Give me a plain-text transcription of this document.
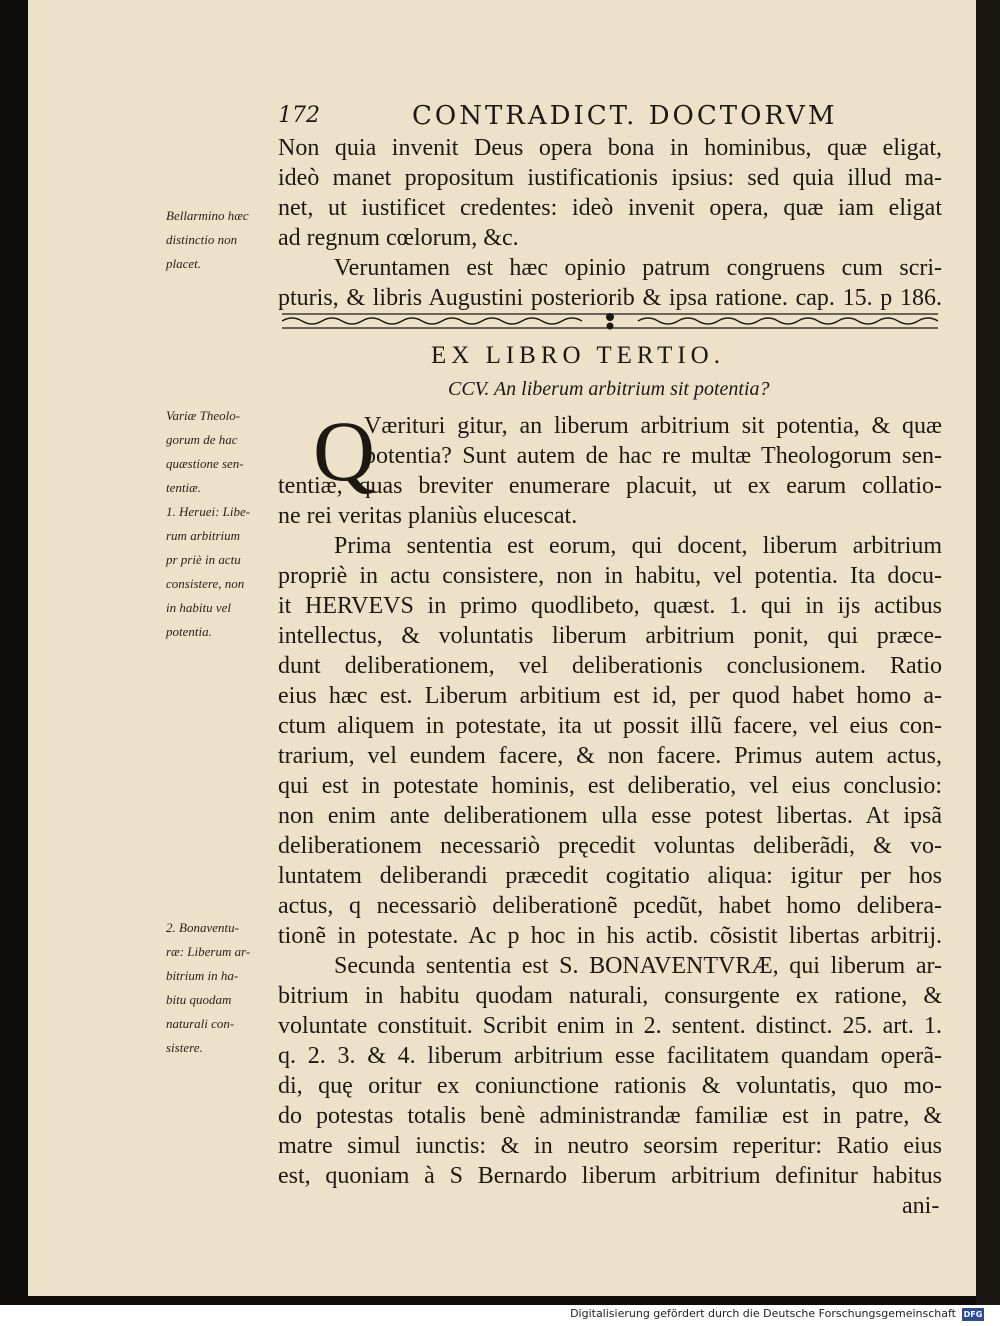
172	CONTRADICT. DOCTORVM
Non quia invenit Deus opera bona in hominibus, quæ eligat,
ideò manet propositum iustificationis ipsius: sed quia illud ma-
net, ut iustificet credentes: ideò invenit opera, quæ iam eligat
ad regnum cœlorum, &c.
Veruntamen est hæc opinio patrum congruens cum scri-
pturis, & libris Augustini posteriorib & ipsa ratione. cap. 15. p 186.
Bellarmino hæc
distinctio non
placet.
EX LIBRO TERTIO.
CCV. An liberum arbitrium sit potentia?
Variæ Theolo-
gorum de hac
quæstione sen-
tentiæ.
1. Heruei: Libe-
rum arbitrium
pr priè in actu
consistere, non
in habitu vel
potentia.
2. Bonaventu-
ræ: Liberum ar-
bitrium in ha-
bitu quodam
naturali con-
sistere.
Q
Værituri gitur, an liberum arbitrium sit potentia, & quæ
potentia? Sunt autem de hac re multæ Theologorum sen-
tentiæ, quas breviter enumerare placuit, ut ex earum collatio-
ne rei veritas planiùs elucescat.
Prima sententia est eorum, qui docent, liberum arbitrium
propriè in actu consistere, non in habitu, vel potentia. Ita docu-
it HERVEVS in primo quodlibeto, quæst. 1. qui in ijs actibus
intellectus, & voluntatis liberum arbitrium ponit, qui præce-
dunt deliberationem, vel deliberationis conclusionem. Ratio
eius hæc est. Liberum arbitium est id, per quod habet homo a-
ctum aliquem in potestate, ita ut possit illũ facere, vel eius con-
trarium, vel eundem facere, & non facere. Primus autem actus,
qui est in potestate hominis, est deliberatio, vel eius conclusio:
non enim ante deliberationem ulla esse potest libertas. At ipsã
deliberationem necessariò pręcedit voluntas deliberãdi, & vo-
luntatem deliberandi præcedit cogitatio aliqua: igitur per hos
actus, q necessariò deliberationẽ pcedũt, habet homo delibera-
tionẽ in potestate. Ac p hoc in his actib. cõsistit libertas arbitrij.
Secunda sententia est S. BONAVENTVRÆ, qui liberum ar-
bitrium in habitu quodam naturali, consurgente ex ratione, &
voluntate constituit. Scribit enim in 2. sentent. distinct. 25. art. 1.
q. 2. 3. & 4. liberum arbitrium esse facilitatem quandam operã-
di, quę oritur ex coniunctione rationis & voluntatis, quo mo-
do potestas totalis benè administrandæ familiæ est in patre, &
matre simul iunctis: & in neutro seorsim reperitur: Ratio eius
est, quoniam à S Bernardo liberum arbitrium definitur habitus
ani-
Digitalisierung gefördert durch die Deutsche Forschungsgemeinschaft DFG
